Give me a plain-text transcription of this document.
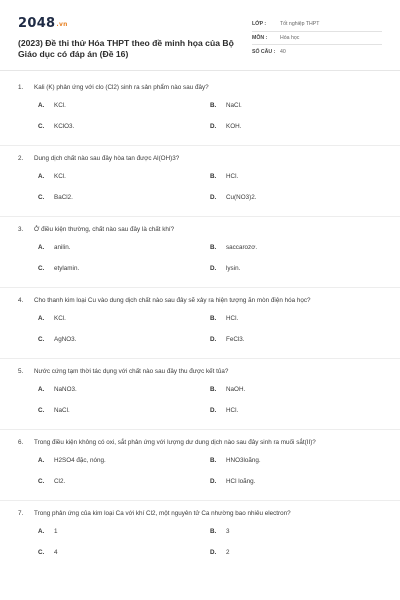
2048.vn
(2023) Đề thi thử Hóa THPT theo đề minh họa của Bộ Giáo dục có đáp án (Đề 16)
LỚP :	Tốt nghiệp THPT
MÔN :	Hóa học
SỐ CÂU : 40
1.	Kali (K) phản ứng với clo (Cl2) sinh ra sản phẩm nào sau đây?
A.	KCl.	B.	NaCl.
C.	KClO3.	D.	KOH.
2.	Dung dịch chất nào sau đây hòa tan được Al(OH)3?
A.	KCl.	B.	HCl.
C.	BaCl2.	D.	Cu(NO3)2.
3.	Ở điều kiện thường, chất nào sau đây là chất khí?
A.	anilin.	B.	saccarozơ.
C.	etylamin.	D.	lysin.
4.	Cho thanh kim loại Cu vào dung dịch chất nào sau đây sẽ xảy ra hiện tượng ăn mòn điện hóa học?
A.	KCl.	B.	HCl.
C.	AgNO3.	D.	FeCl3.
5.	Nước cứng tạm thời tác dụng với chất nào sau đây thu được kết tủa?
A.	NaNO3.	B.	NaOH.
C.	NaCl.	D.	HCl.
6.	Trong điều kiện không có oxi, sắt phản ứng với lượng dư dung dịch nào sau đây sinh ra muối sắt(II)?
A.	H2SO4 đặc, nóng.	B.	HNO3loãng.
C.	Cl2.	D.	HCl loãng.
7.	Trong phản ứng của kim loại Ca với khí Cl2, một nguyên tử Ca nhường bao nhiêu electron?
A.	1	B.	3
C.	4	D.	2
